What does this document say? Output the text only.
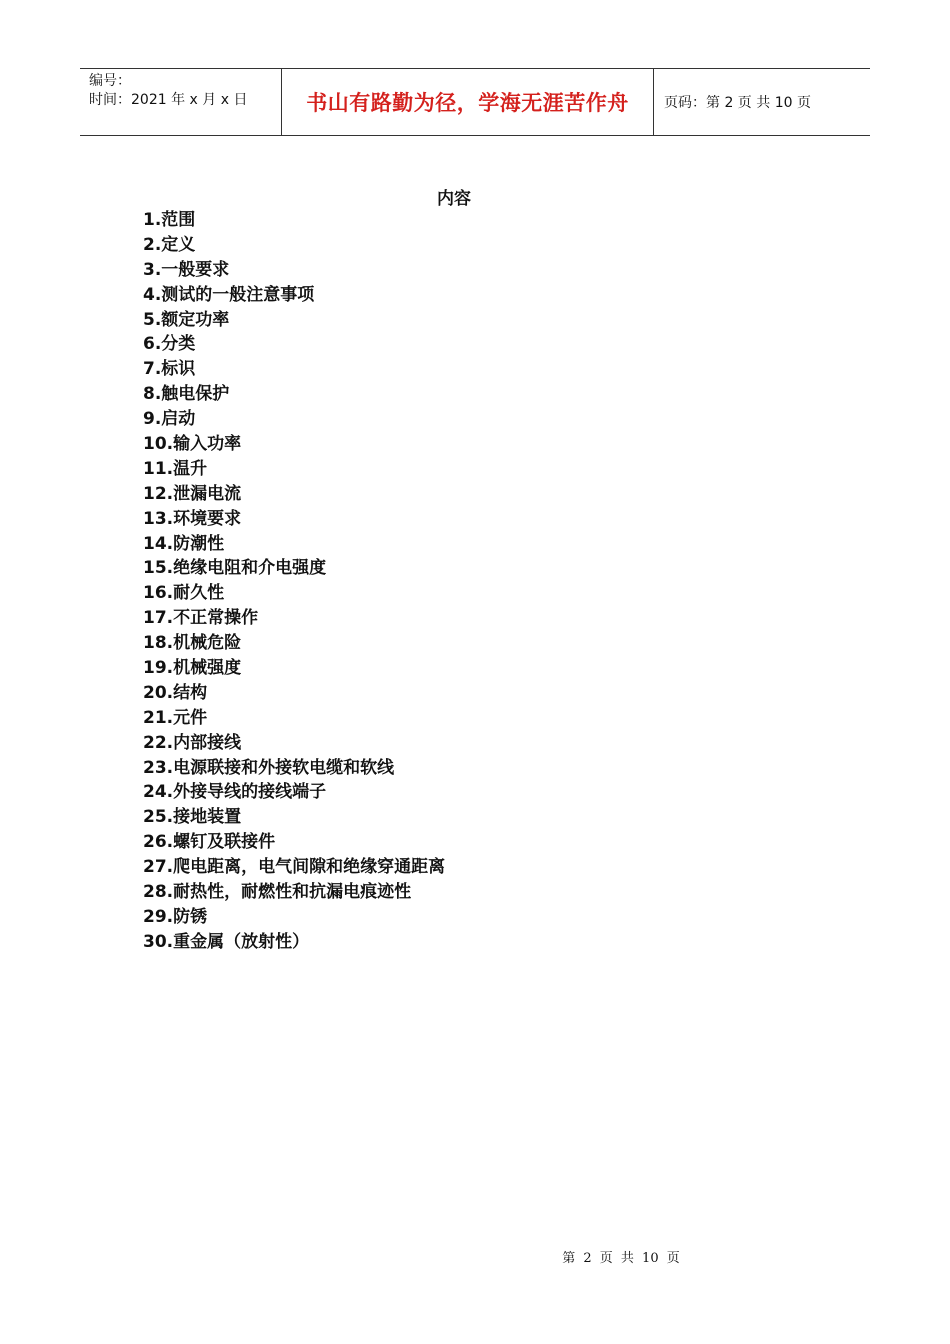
编号：
时间：2021 年 x 月 x 日	书山有路勤为径，学海无涯苦作舟	页码：第 2 页 共 10 页
内容
1.范围
2.定义
3.一般要求
4.测试的一般注意事项
5.额定功率
6.分类
7.标识
8.触电保护
9.启动
10.输入功率
11.温升
12.泄漏电流
13.环境要求
14.防潮性
15.绝缘电阻和介电强度
16.耐久性
17.不正常操作
18.机械危险
19.机械强度
20.结构
21.元件
22.内部接线
23.电源联接和外接软电缆和软线
24.外接导线的接线端子
25.接地装置
26.螺钉及联接件
27.爬电距离，电气间隙和绝缘穿通距离
28.耐热性，耐燃性和抗漏电痕迹性
29.防锈
30.重金属（放射性）
第 2 页 共 10 页
